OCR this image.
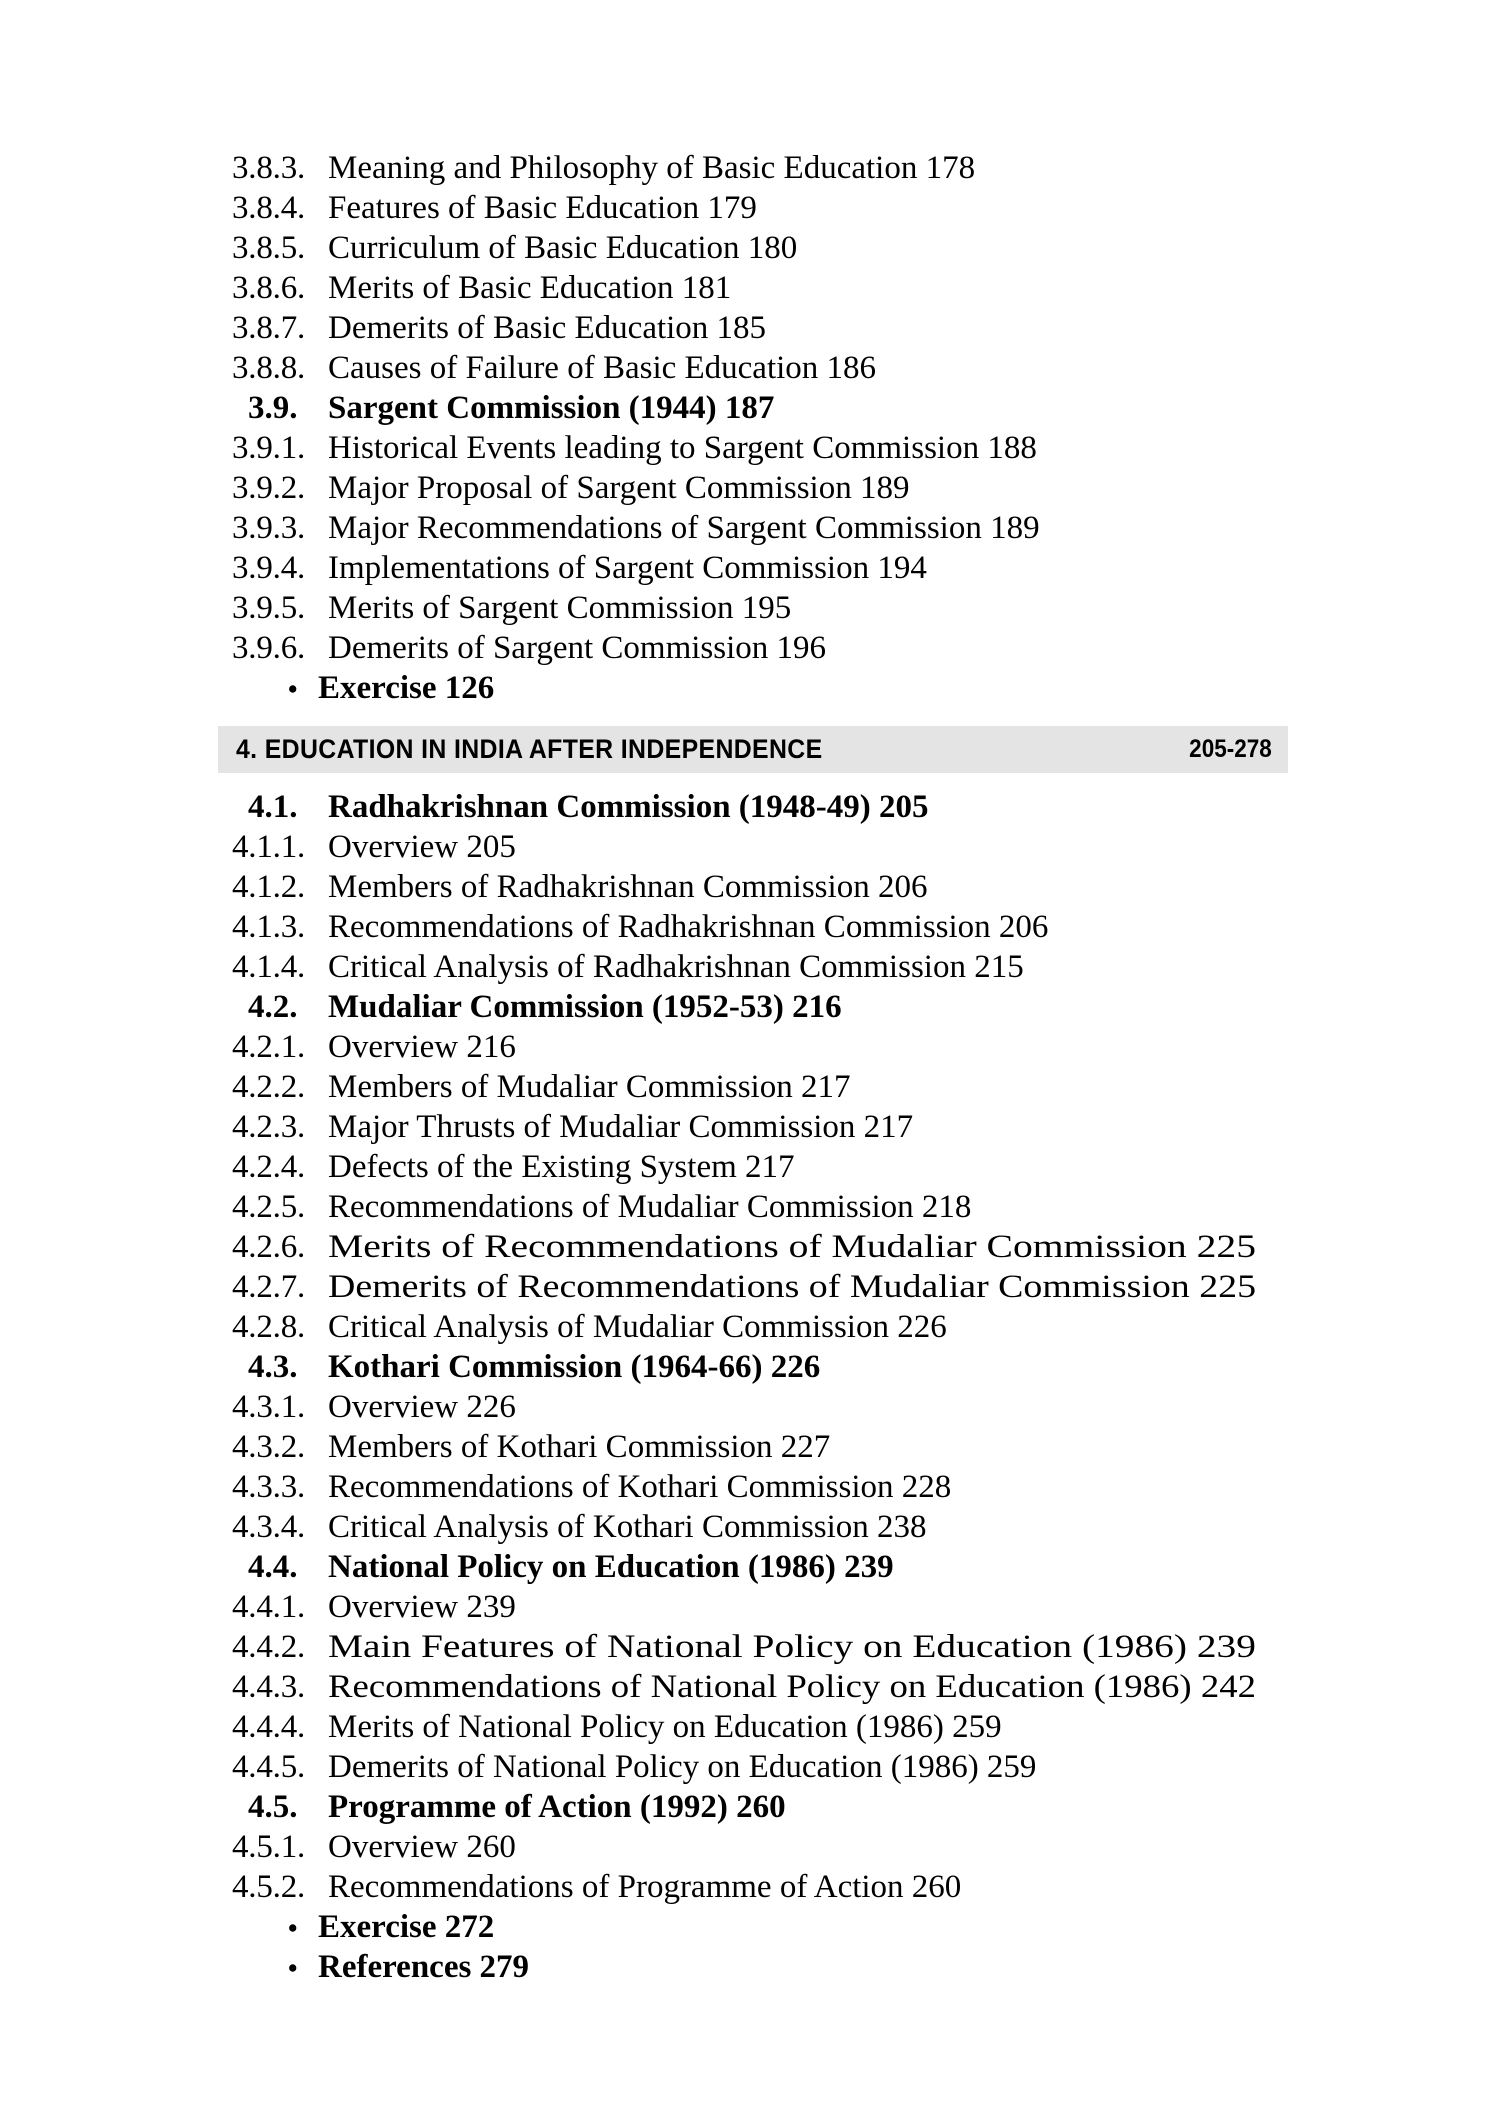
3.8.3. Meaning and Philosophy of Basic Education 178
3.8.4. Features of Basic Education 179
3.8.5. Curriculum of Basic Education 180
3.8.6. Merits of Basic Education 181
3.8.7. Demerits of Basic Education 185
3.8.8. Causes of Failure of Basic Education 186
3.9. Sargent Commission (1944) 187
3.9.1. Historical Events leading to Sargent Commission 188
3.9.2. Major Proposal of Sargent Commission 189
3.9.3. Major Recommendations of Sargent Commission 189
3.9.4. Implementations of Sargent Commission 194
3.9.5. Merits of Sargent Commission 195
3.9.6. Demerits of Sargent Commission 196
• Exercise 126
4. EDUCATION IN INDIA AFTER INDEPENDENCE	205-278
4.1. Radhakrishnan Commission (1948-49) 205
4.1.1. Overview 205
4.1.2. Members of Radhakrishnan Commission 206
4.1.3. Recommendations of Radhakrishnan Commission 206
4.1.4. Critical Analysis of Radhakrishnan Commission 215
4.2. Mudaliar Commission (1952-53) 216
4.2.1. Overview 216
4.2.2. Members of Mudaliar Commission 217
4.2.3. Major Thrusts of Mudaliar Commission 217
4.2.4. Defects of the Existing System 217
4.2.5. Recommendations of Mudaliar Commission 218
4.2.6. Merits of Recommendations of Mudaliar Commission 225
4.2.7. Demerits of Recommendations of Mudaliar Commission 225
4.2.8. Critical Analysis of Mudaliar Commission 226
4.3. Kothari Commission (1964-66) 226
4.3.1. Overview 226
4.3.2. Members of Kothari Commission 227
4.3.3. Recommendations of Kothari Commission 228
4.3.4. Critical Analysis of Kothari Commission 238
4.4. National Policy on Education (1986) 239
4.4.1. Overview 239
4.4.2. Main Features of National Policy on Education (1986) 239
4.4.3. Recommendations of National Policy on Education (1986) 242
4.4.4. Merits of National Policy on Education (1986) 259
4.4.5. Demerits of National Policy on Education (1986) 259
4.5. Programme of Action (1992) 260
4.5.1. Overview 260
4.5.2. Recommendations of Programme of Action 260
• Exercise 272
• References 279
